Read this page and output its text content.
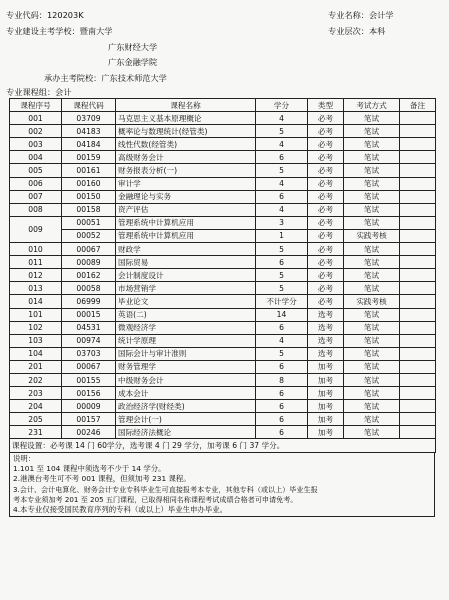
专业代码：120203K	专业名称：会计学
专业建设主考学校：暨南大学
广东财经大学
专业层次：本科
广东金融学院
承办主考院校：广东技术师范大学
专业课程组：会计
课程序号	课程代码	课程名称	学分	类型	考试方式	备注
001	03709	马克思主义基本原理概论	4	必考	笔试	
002	04183	概率论与数理统计(经管类)	5	必考	笔试	
003	04184	线性代数(经管类)	4	必考	笔试	
004	00159	高级财务会计	6	必考	笔试	
005	00161	财务报表分析(一)	5	必考	笔试	
006	00160	审计学	4	必考	笔试	
007	00150	金融理论与实务	6	必考	笔试	
008	00158	资产评估	4	必考	笔试	
009	00051	管理系统中计算机应用	3	必考	笔试	
	00052	管理系统中计算机应用	1	必考	实践考核	
010	00067	财政学	5	必考	笔试	
011	00089	国际贸易	6	必考	笔试	
012	00162	会计制度设计	5	必考	笔试	
013	00058	市场营销学	5	必考	笔试	
014	06999	毕业论文	不计学分	必考	实践考核	
101	00015	英语(二)	14	选考	笔试	
102	04531	微观经济学	6	选考	笔试	
103	00974	统计学原理	4	选考	笔试	
104	03703	国际会计与审计准则	5	选考	笔试	
201	00067	财务管理学	6	加考	笔试	
202	00155	中级财务会计	8	加考	笔试	
203	00156	成本会计	6	加考	笔试	
204	00009	政治经济学(财经类)	6	加考	笔试	
205	00157	管理会计(一)	6	加考	笔试	
231	00246	国际经济法概论	6	加考	笔试	
课程设置：必考课 14 门 60学分，选考课 4 门 29 学分，加考课 6 门 37 学分。						
说明：
1.101 至 104 课程中须选考不少于 14 学分。
2.港澳台考生可不考 001 课程，但须加考 231 课程。
3.会计、会计电算化、财务会计专业专科毕业生可直接报考本专业，其他专科（或以上）毕业生报
考本专业须加考 201 至 205 五门课程，已取得相同名称课程考试成绩合格者可申请免考。
4.本专业仅接受国民教育序列的专科（或以上）毕业生申办毕业。
